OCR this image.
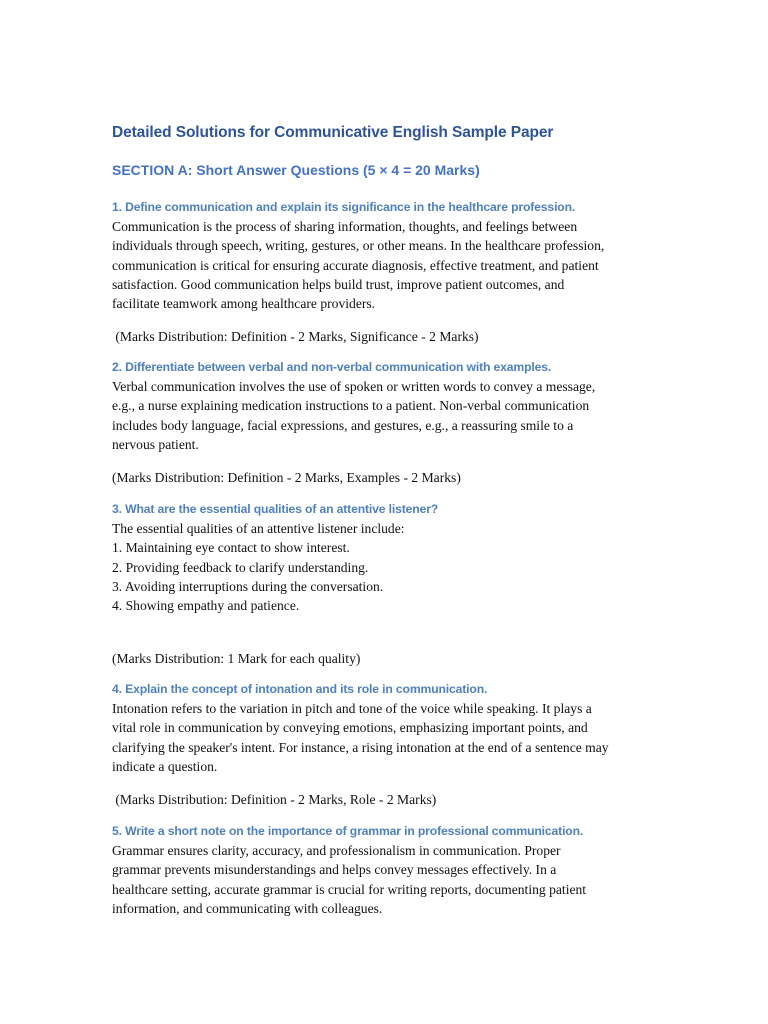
Detailed Solutions for Communicative English Sample Paper
SECTION A: Short Answer Questions (5 × 4 = 20 Marks)

1. Define communication and explain its significance in the healthcare profession.

Communication is the process of sharing information, thoughts, and feelings between
individuals through speech, writing, gestures, or other means. In the healthcare profession,
communication is critical for ensuring accurate diagnosis, effective treatment, and patient
satisfaction. Good communication helps build trust, improve patient outcomes, and
facilitate teamwork among healthcare providers.

(Marks Distribution: Definition - 2 Marks, Significance - 2 Marks)

2. Differentiate between verbal and non-verbal communication with examples.

Verbal communication involves the use of spoken or written words to convey a message,
e.g., a nurse explaining medication instructions to a patient. Non-verbal communication
includes body language, facial expressions, and gestures, e.g., a reassuring smile to a
nervous patient.

(Marks Distribution: Definition - 2 Marks, Examples - 2 Marks)

3. What are the essential qualities of an attentive listener?

The essential qualities of an attentive listener include:
1. Maintaining eye contact to show interest.
2. Providing feedback to clarify understanding.
3. Avoiding interruptions during the conversation.
4. Showing empathy and patience.

(Marks Distribution: 1 Mark for each quality)

4. Explain the concept of intonation and its role in communication.

Intonation refers to the variation in pitch and tone of the voice while speaking. It plays a
vital role in communication by conveying emotions, emphasizing important points, and
clarifying the speaker's intent. For instance, a rising intonation at the end of a sentence may
indicate a question.

(Marks Distribution: Definition - 2 Marks, Role - 2 Marks)

5. Write a short note on the importance of grammar in professional communication.

Grammar ensures clarity, accuracy, and professionalism in communication. Proper
grammar prevents misunderstandings and helps convey messages effectively. In a
healthcare setting, accurate grammar is crucial for writing reports, documenting patient
information, and communicating with colleagues.
